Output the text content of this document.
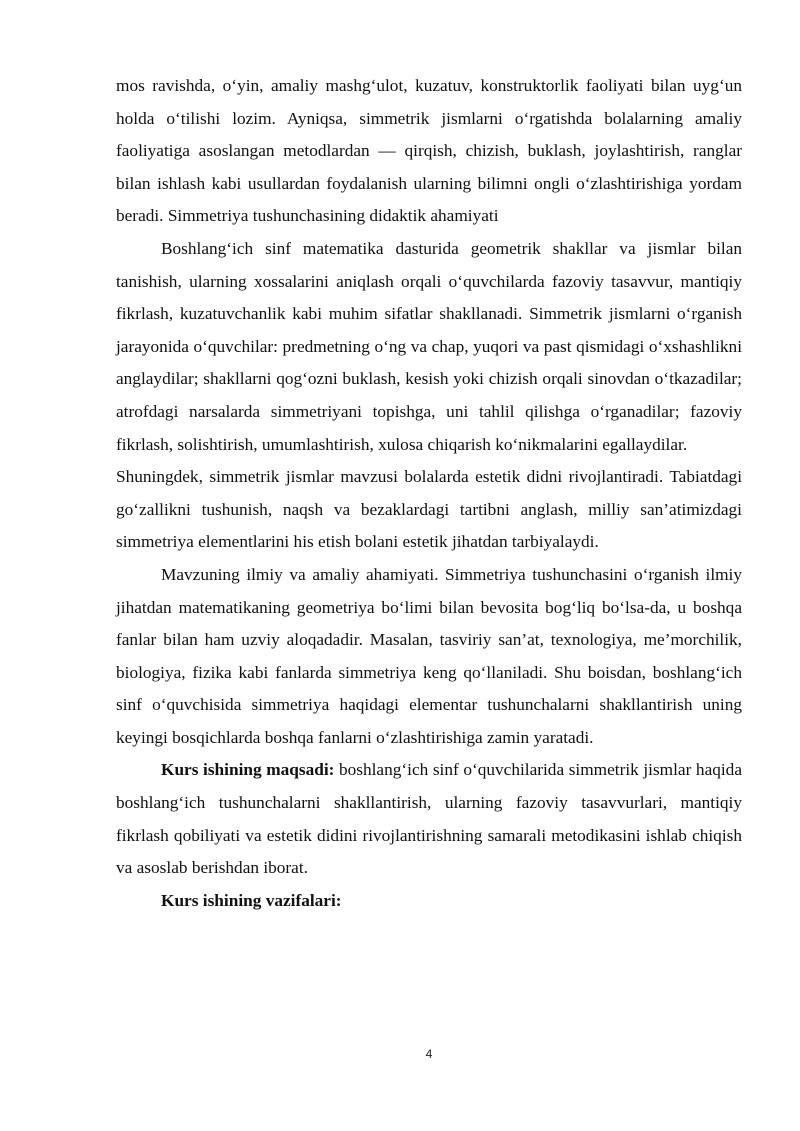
mos ravishda, o‘yin, amaliy mashg‘ulot, kuzatuv, konstruktorlik faoliyati bilan uyg‘un holda o‘tilishi lozim. Ayniqsa, simmetrik jismlarni o‘rgatishda bolalarning amaliy faoliyatiga asoslangan metodlardan — qirqish, chizish, buklash, joylashtirish, ranglar bilan ishlash kabi usullardan foydalanish ularning bilimni ongli o‘zlashtirishiga yordam beradi. Simmetriya tushunchasining didaktik ahamiyati

Boshlang‘ich sinf matematika dasturida geometrik shakllar va jismlar bilan tanishish, ularning xossalarini aniqlash orqali o‘quvchilarda fazoviy tasavvur, mantiqiy fikrlash, kuzatuvchanlik kabi muhim sifatlar shakllanadi. Simmetrik jismlarni o‘rganish jarayonida o‘quvchilar: predmetning o‘ng va chap, yuqori va past qismidagi o‘xshashlikni anglaydilar; shakllarni qog‘ozni buklash, kesish yoki chizish orqali sinovdan o‘tkazadilar; atrofdagi narsalarda simmetriyani topishga, uni tahlil qilishga o‘rganadilar; fazoviy fikrlash, solishtirish, umumlashtirish, xulosa chiqarish ko‘nikmalarini egallaydilar.

Shuningdek, simmetrik jismlar mavzusi bolalarda estetik didni rivojlantiradi. Tabiatdagi go‘zallikni tushunish, naqsh va bezaklardagi tartibni anglash, milliy san’atimizdagi simmetriya elementlarini his etish bolani estetik jihatdan tarbiyalaydi.

Mavzuning ilmiy va amaliy ahamiyati. Simmetriya tushunchasini o‘rganish ilmiy jihatdan matematikaning geometriya bo‘limi bilan bevosita bog‘liq bo‘lsa-da, u boshqa fanlar bilan ham uzviy aloqadadir. Masalan, tasviriy san’at, texnologiya, me’morchilik, biologiya, fizika kabi fanlarda simmetriya keng qo‘llaniladi. Shu boisdan, boshlang‘ich sinf o‘quvchisida simmetriya haqidagi elementar tushunchalarni shakllantirish uning keyingi bosqichlarda boshqa fanlarni o‘zlashtirishiga zamin yaratadi.

Kurs ishining maqsadi: boshlang‘ich sinf o‘quvchilarida simmetrik jismlar haqida boshlang‘ich tushunchalarni shakllantirish, ularning fazoviy tasavvurlari, mantiqiy fikrlash qobiliyati va estetik didini rivojlantirishning samarali metodikasini ishlab chiqish va asoslab berishdan iborat.

Kurs ishining vazifalari:

4
